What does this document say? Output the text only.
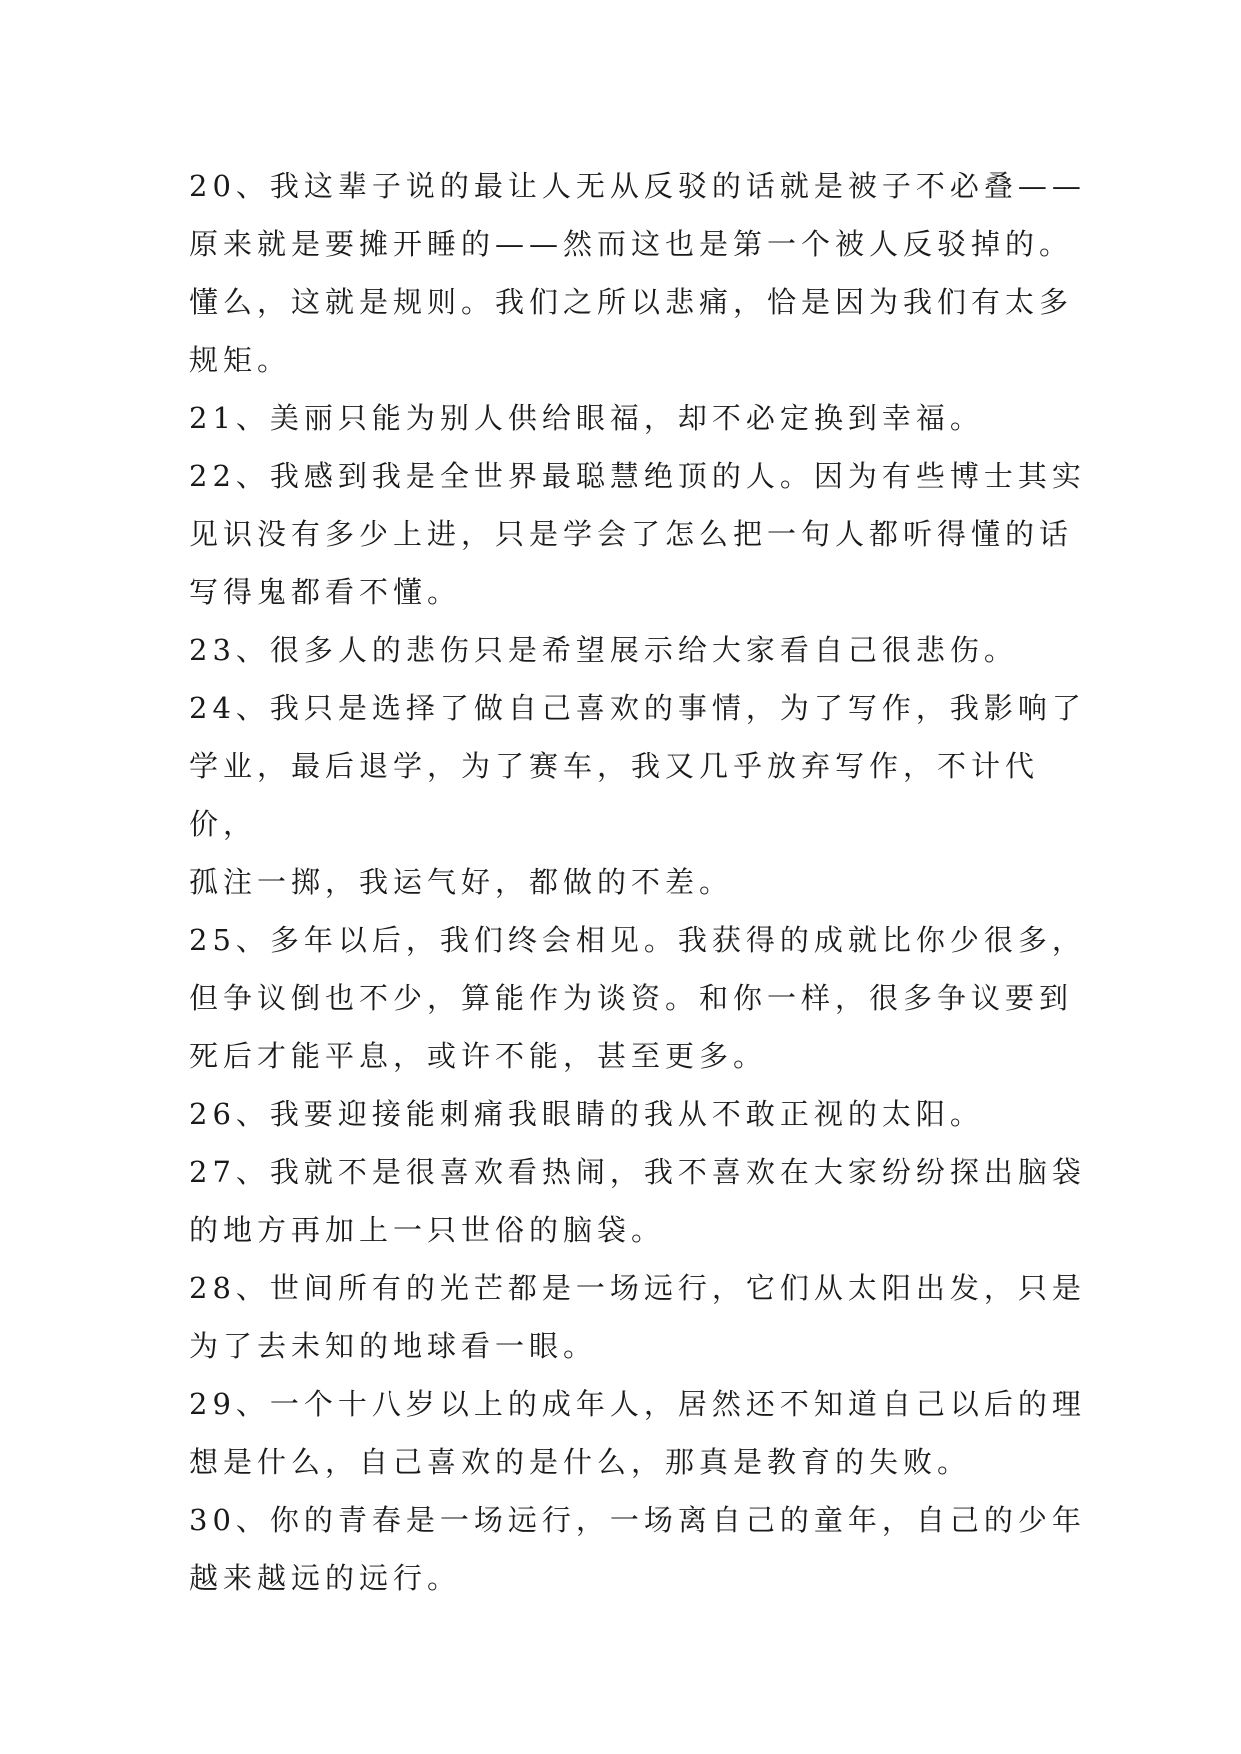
20、我这辈子说的最让人无从反驳的话就是被子不必叠——
原来就是要摊开睡的——然而这也是第一个被人反驳掉的。
懂么，这就是规则。我们之所以悲痛，恰是因为我们有太多
规矩。

21、美丽只能为别人供给眼福，却不必定换到幸福。

22、我感到我是全世界最聪慧绝顶的人。因为有些博士其实
见识没有多少上进，只是学会了怎么把一句人都听得懂的话
写得鬼都看不懂。

23、很多人的悲伤只是希望展示给大家看自己很悲伤。

24、我只是选择了做自己喜欢的事情，为了写作，我影响了
学业，最后退学，为了赛车，我又几乎放弃写作，不计代价，
孤注一掷，我运气好，都做的不差。

25、多年以后，我们终会相见。我获得的成就比你少很多，
但争议倒也不少，算能作为谈资。和你一样，很多争议要到
死后才能平息，或许不能，甚至更多。

26、我要迎接能刺痛我眼睛的我从不敢正视的太阳。

27、我就不是很喜欢看热闹，我不喜欢在大家纷纷探出脑袋
的地方再加上一只世俗的脑袋。

28、世间所有的光芒都是一场远行，它们从太阳出发，只是
为了去未知的地球看一眼。

29、一个十八岁以上的成年人，居然还不知道自己以后的理
想是什么，自己喜欢的是什么，那真是教育的失败。

30、你的青春是一场远行，一场离自己的童年，自己的少年
越来越远的远行。
